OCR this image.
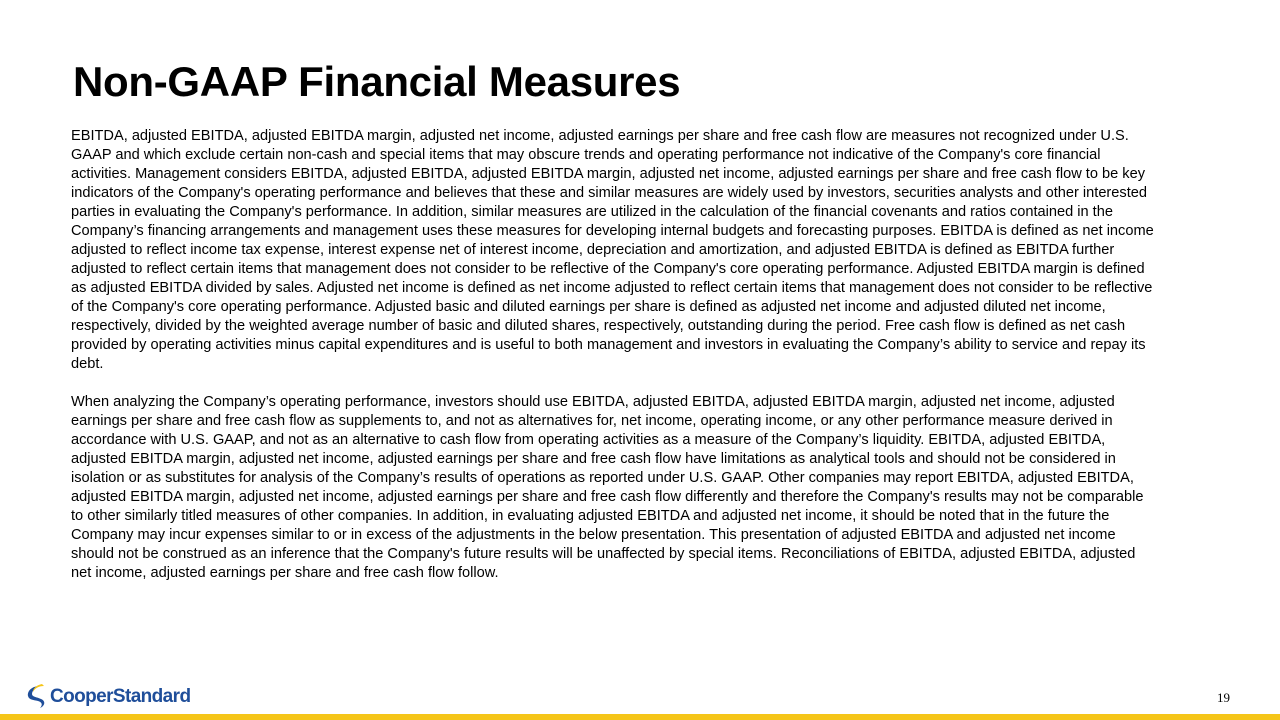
Non-GAAP Financial Measures

EBITDA, adjusted EBITDA, adjusted EBITDA margin, adjusted net income, adjusted earnings per share and free cash flow are measures not recognized under U.S. GAAP and which exclude certain non-cash and special items that may obscure trends and operating performance not indicative of the Company's core financial activities. Management considers EBITDA, adjusted EBITDA, adjusted EBITDA margin, adjusted net income, adjusted earnings per share and free cash flow to be key indicators of the Company's operating performance and believes that these and similar measures are widely used by investors, securities analysts and other interested parties in evaluating the Company's performance. In addition, similar measures are utilized in the calculation of the financial covenants and ratios contained in the Company’s financing arrangements and management uses these measures for developing internal budgets and forecasting purposes. EBITDA is defined as net income adjusted to reflect income tax expense, interest expense net of interest income, depreciation and amortization, and adjusted EBITDA is defined as EBITDA further adjusted to reflect certain items that management does not consider to be reflective of the Company's core operating performance. Adjusted EBITDA margin is defined as adjusted EBITDA divided by sales. Adjusted net income is defined as net income adjusted to reflect certain items that management does not consider to be reflective of the Company's core operating performance. Adjusted basic and diluted earnings per share is defined as adjusted net income and adjusted diluted net income, respectively, divided by the weighted average number of basic and diluted shares, respectively, outstanding during the period. Free cash flow is defined as net cash provided by operating activities minus capital expenditures and is useful to both management and investors in evaluating the Company’s ability to service and repay its debt.

When analyzing the Company’s operating performance, investors should use EBITDA, adjusted EBITDA, adjusted EBITDA margin, adjusted net income, adjusted earnings per share and free cash flow as supplements to, and not as alternatives for, net income, operating income, or any other performance measure derived in accordance with U.S. GAAP, and not as an alternative to cash flow from operating activities as a measure of the Company’s liquidity. EBITDA, adjusted EBITDA, adjusted EBITDA margin, adjusted net income, adjusted earnings per share and free cash flow have limitations as analytical tools and should not be considered in isolation or as substitutes for analysis of the Company’s results of operations as reported under U.S. GAAP. Other companies may report EBITDA, adjusted EBITDA, adjusted EBITDA margin, adjusted net income, adjusted earnings per share and free cash flow differently and therefore the Company's results may not be comparable to other similarly titled measures of other companies. In addition, in evaluating adjusted EBITDA and adjusted net income, it should be noted that in the future the Company may incur expenses similar to or in excess of the adjustments in the below presentation. This presentation of adjusted EBITDA and adjusted net income should not be construed as an inference that the Company's future results will be unaffected by special items. Reconciliations of EBITDA, adjusted EBITDA, adjusted net income, adjusted earnings per share and free cash flow follow.

CooperStandard	19
